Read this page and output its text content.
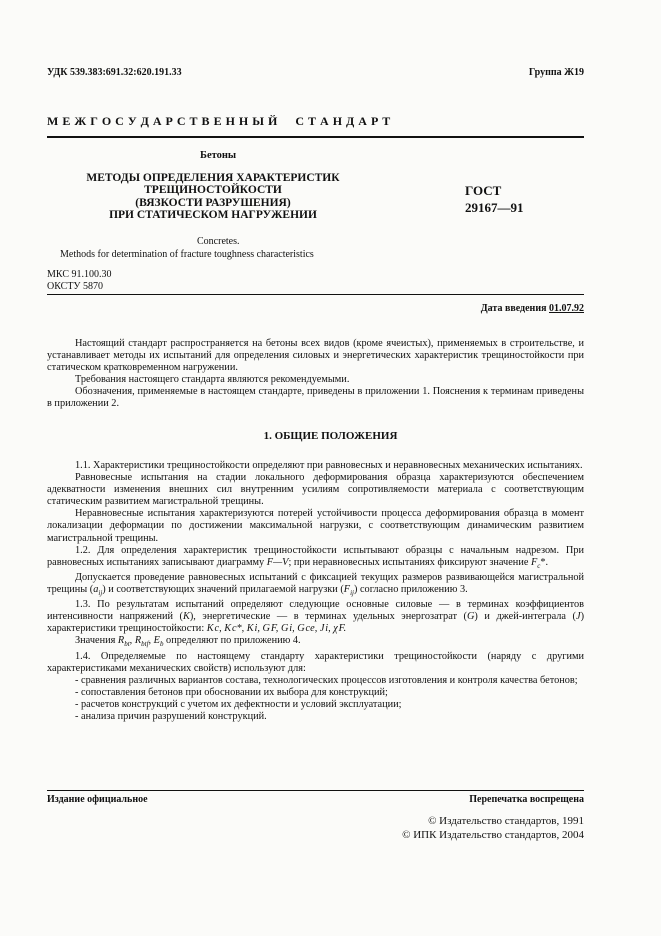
УДК 539.383:691.32:620.191.33	Группа Ж19
М Е Ж Г О С У Д А Р С Т В Е Н Н Ы Й     С Т А Н Д А Р Т
Бетоны
МЕТОДЫ ОПРЕДЕЛЕНИЯ ХАРАКТЕРИСТИК
ТРЕЩИНОСТОЙКОСТИ
(ВЯЗКОСТИ РАЗРУШЕНИЯ)
ПРИ СТАТИЧЕСКОМ НАГРУЖЕНИИ
ГОСТ
29167—91
Concretes.
Methods for determination of fracture toughness characteristics
МКС 91.100.30
ОКСТУ 5870
Дата введения 01.07.92

Настоящий стандарт распространяется на бетоны всех видов (кроме ячеистых), применяемых в строительстве, и устанавливает методы их испытаний для определения силовых и энергетических характеристик трещиностойкости при статическом кратковременном нагружении.

Требования настоящего стандарта являются рекомендуемыми.

Обозначения, применяемые в настоящем стандарте, приведены в приложении 1. Пояснения к терминам приведены в приложении 2.

1. ОБЩИЕ ПОЛОЖЕНИЯ

1.1. Характеристики трещиностойкости определяют при равновесных и неравновесных механических испытаниях.

Равновесные испытания на стадии локального деформирования образца характеризуются обеспечением адекватности изменения внешних сил внутренним усилиям сопротивляемости материала с соответствующим статическим развитием магистральной трещины.

Неравновесные испытания характеризуются потерей устойчивости процесса деформирования образца в момент локализации деформации по достижении максимальной нагрузки, с соответствующим динамическим развитием магистральной трещины.

1.2. Для определения характеристик трещиностойкости испытывают образцы с начальным надрезом. При равновесных испытаниях записывают диаграмму F—V; при неравновесных испытаниях фиксируют значение $F_c*$.

Допускается проведение равновесных испытаний с фиксацией текущих размеров развивающейся магистральной трещины $(a_{ij})$ и соответствующих значений прилагаемой нагрузки $(F_{ij})$ согласно приложению 3.

1.3. По результатам испытаний определяют следующие основные силовые — в терминах коэффициентов интенсивности напряжений (K), энергетические — в терминах удельных энергозатрат (G) и джей-интеграла (J) характеристики трещиностойкости: K c, K c*, K i, G F, G i, G ce, J i, χ F.

Значения $R_{bt}$, $R_{btf}$, $E_b$ определяют по приложению 4.

1.4. Определяемые по настоящему стандарту характеристики трещиностойкости (наряду с другими характеристиками механических свойств) используют для:

- сравнения различных вариантов состава, технологических процессов изготовления и контроля качества бетонов;

- сопоставления бетонов при обосновании их выбора для конструкций;

- расчетов конструкций с учетом их дефектности и условий эксплуатации;

- анализа причин разрушений конструкций.

Издание официальное	Перепечатка воспрещена
© Издательство стандартов, 1991
© ИПК Издательство стандартов, 2004
